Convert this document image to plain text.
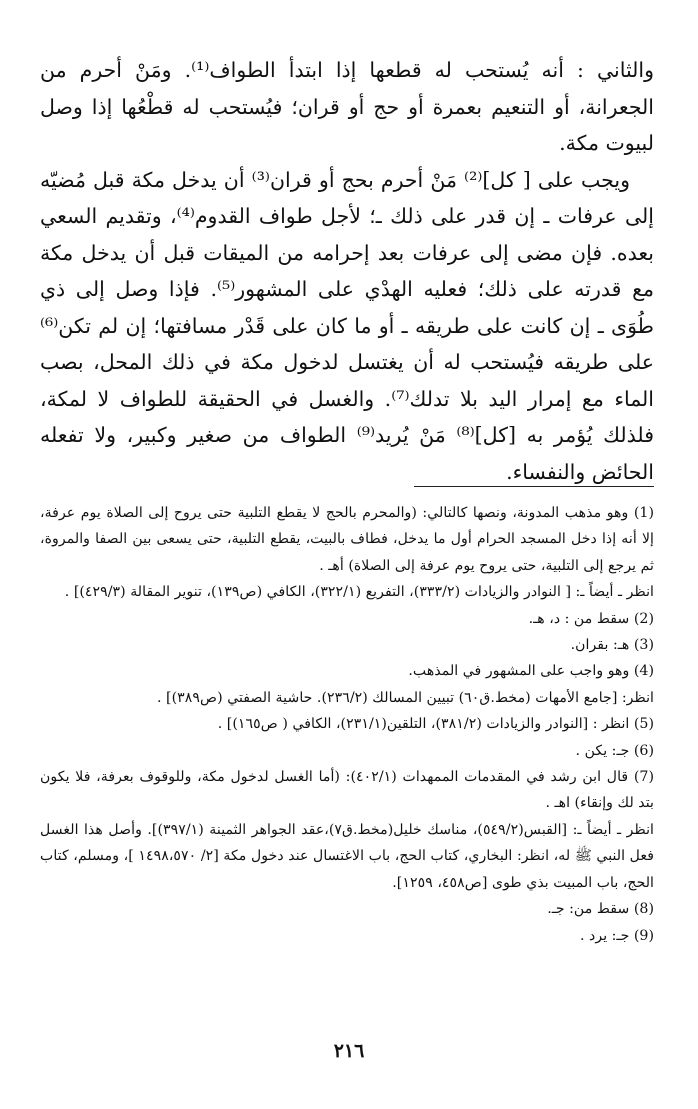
والثاني : أنه يُستحب له قطعها إذا ابتدأ الطواف⁽¹⁾. ومَنْ أحرم من الجعرانة، أو التنعيم بعمرة أو حج أو قران؛ فيُستحب له قطْعُها إذا وصل لبيوت مكة.

ويجب على [ كل]⁽²⁾ مَنْ أحرم بحج أو قران⁽³⁾ أن يدخل مكة قبل مُضيّه إلى عرفات ـ إن قدر على ذلك ـ؛ لأجل طواف القدوم⁽⁴⁾، وتقديم السعي بعده. فإن مضى إلى عرفات بعد إحرامه من الميقات قبل أن يدخل مكة مع قدرته على ذلك؛ فعليه الهدْي على المشهور⁽⁵⁾. فإذا وصل إلى ذي طُوَى ـ إن كانت على طريقه ـ أو ما كان على قَدْر مسافتها؛ إن لم تكن⁽⁶⁾ على طريقه فيُستحب له أن يغتسل لدخول مكة في ذلك المحل، بصب الماء مع إمرار اليد بلا تدلك⁽⁷⁾. والغسل في الحقيقة للطواف لا لمكة، فلذلك يُؤمر به [كل]⁽⁸⁾ مَنْ يُريد⁽⁹⁾ الطواف من صغير وكبير، ولا تفعله الحائض والنفساء.

(1) وهو مذهب المدونة، ونصها كالتالي: (والمحرم بالحج لا يقطع التلبية حتى يروح إلى الصلاة يوم عرفة، إلا أنه إذا دخل المسجد الحرام أول ما يدخل، فطاف بالبيت، يقطع التلبية، حتى يسعى بين الصفا والمروة، ثم يرجع إلى التلبية، حتى يروح يوم عرفة إلى الصلاة) أهـ .

انظر ـ أيضاً ـ: [ النوادر والزيادات (٣٣٣/٢)، التفريع (٣٢٢/١)، الكافي (ص١٣٩)، تنوير المقالة (٤٢٩/٣)] .

(2) سقط من : د، هـ.

(3) هـ: بقران.

(4) وهو واجب على المشهور في المذهب.

انظر: [جامع الأمهات (مخط.ق٦٠) تبيين المسالك (٢٣٦/٢). حاشية الصفتي (ص٣٨٩)] .

(5) انظر : [النوادر والزيادات (٣٨١/٢)، التلقين(٢٣١/١)، الكافي ( ص١٦٥)] .

(6) جـ: يكن .

(7) قال ابن رشد في المقدمات الممهدات (٤٠٢/١): (أما الغسل لدخول مكة، وللوقوف بعرفة، فلا يكون بتد لك وإنقاء) اهـ .

انظر ـ أيضاً ـ: [القبس(٥٤٩/٢)، مناسك خليل(مخط.ق٧)،عقد الجواهر الثمينة (٣٩٧/١)]. وأصل هذا الغسل فعل النبي ﷺ له، انظر: البخاري، كتاب الحج، باب الاغتسال عند دخول مكة [٢/ ١٤٩٨،٥٧٠ ]، ومسلم، كتاب الحج، باب المبيت بذي طوى [ص٤٥٨، ١٢٥٩].

(8) سقط من: جـ.

(9) جـ: يرد .

٢١٦
